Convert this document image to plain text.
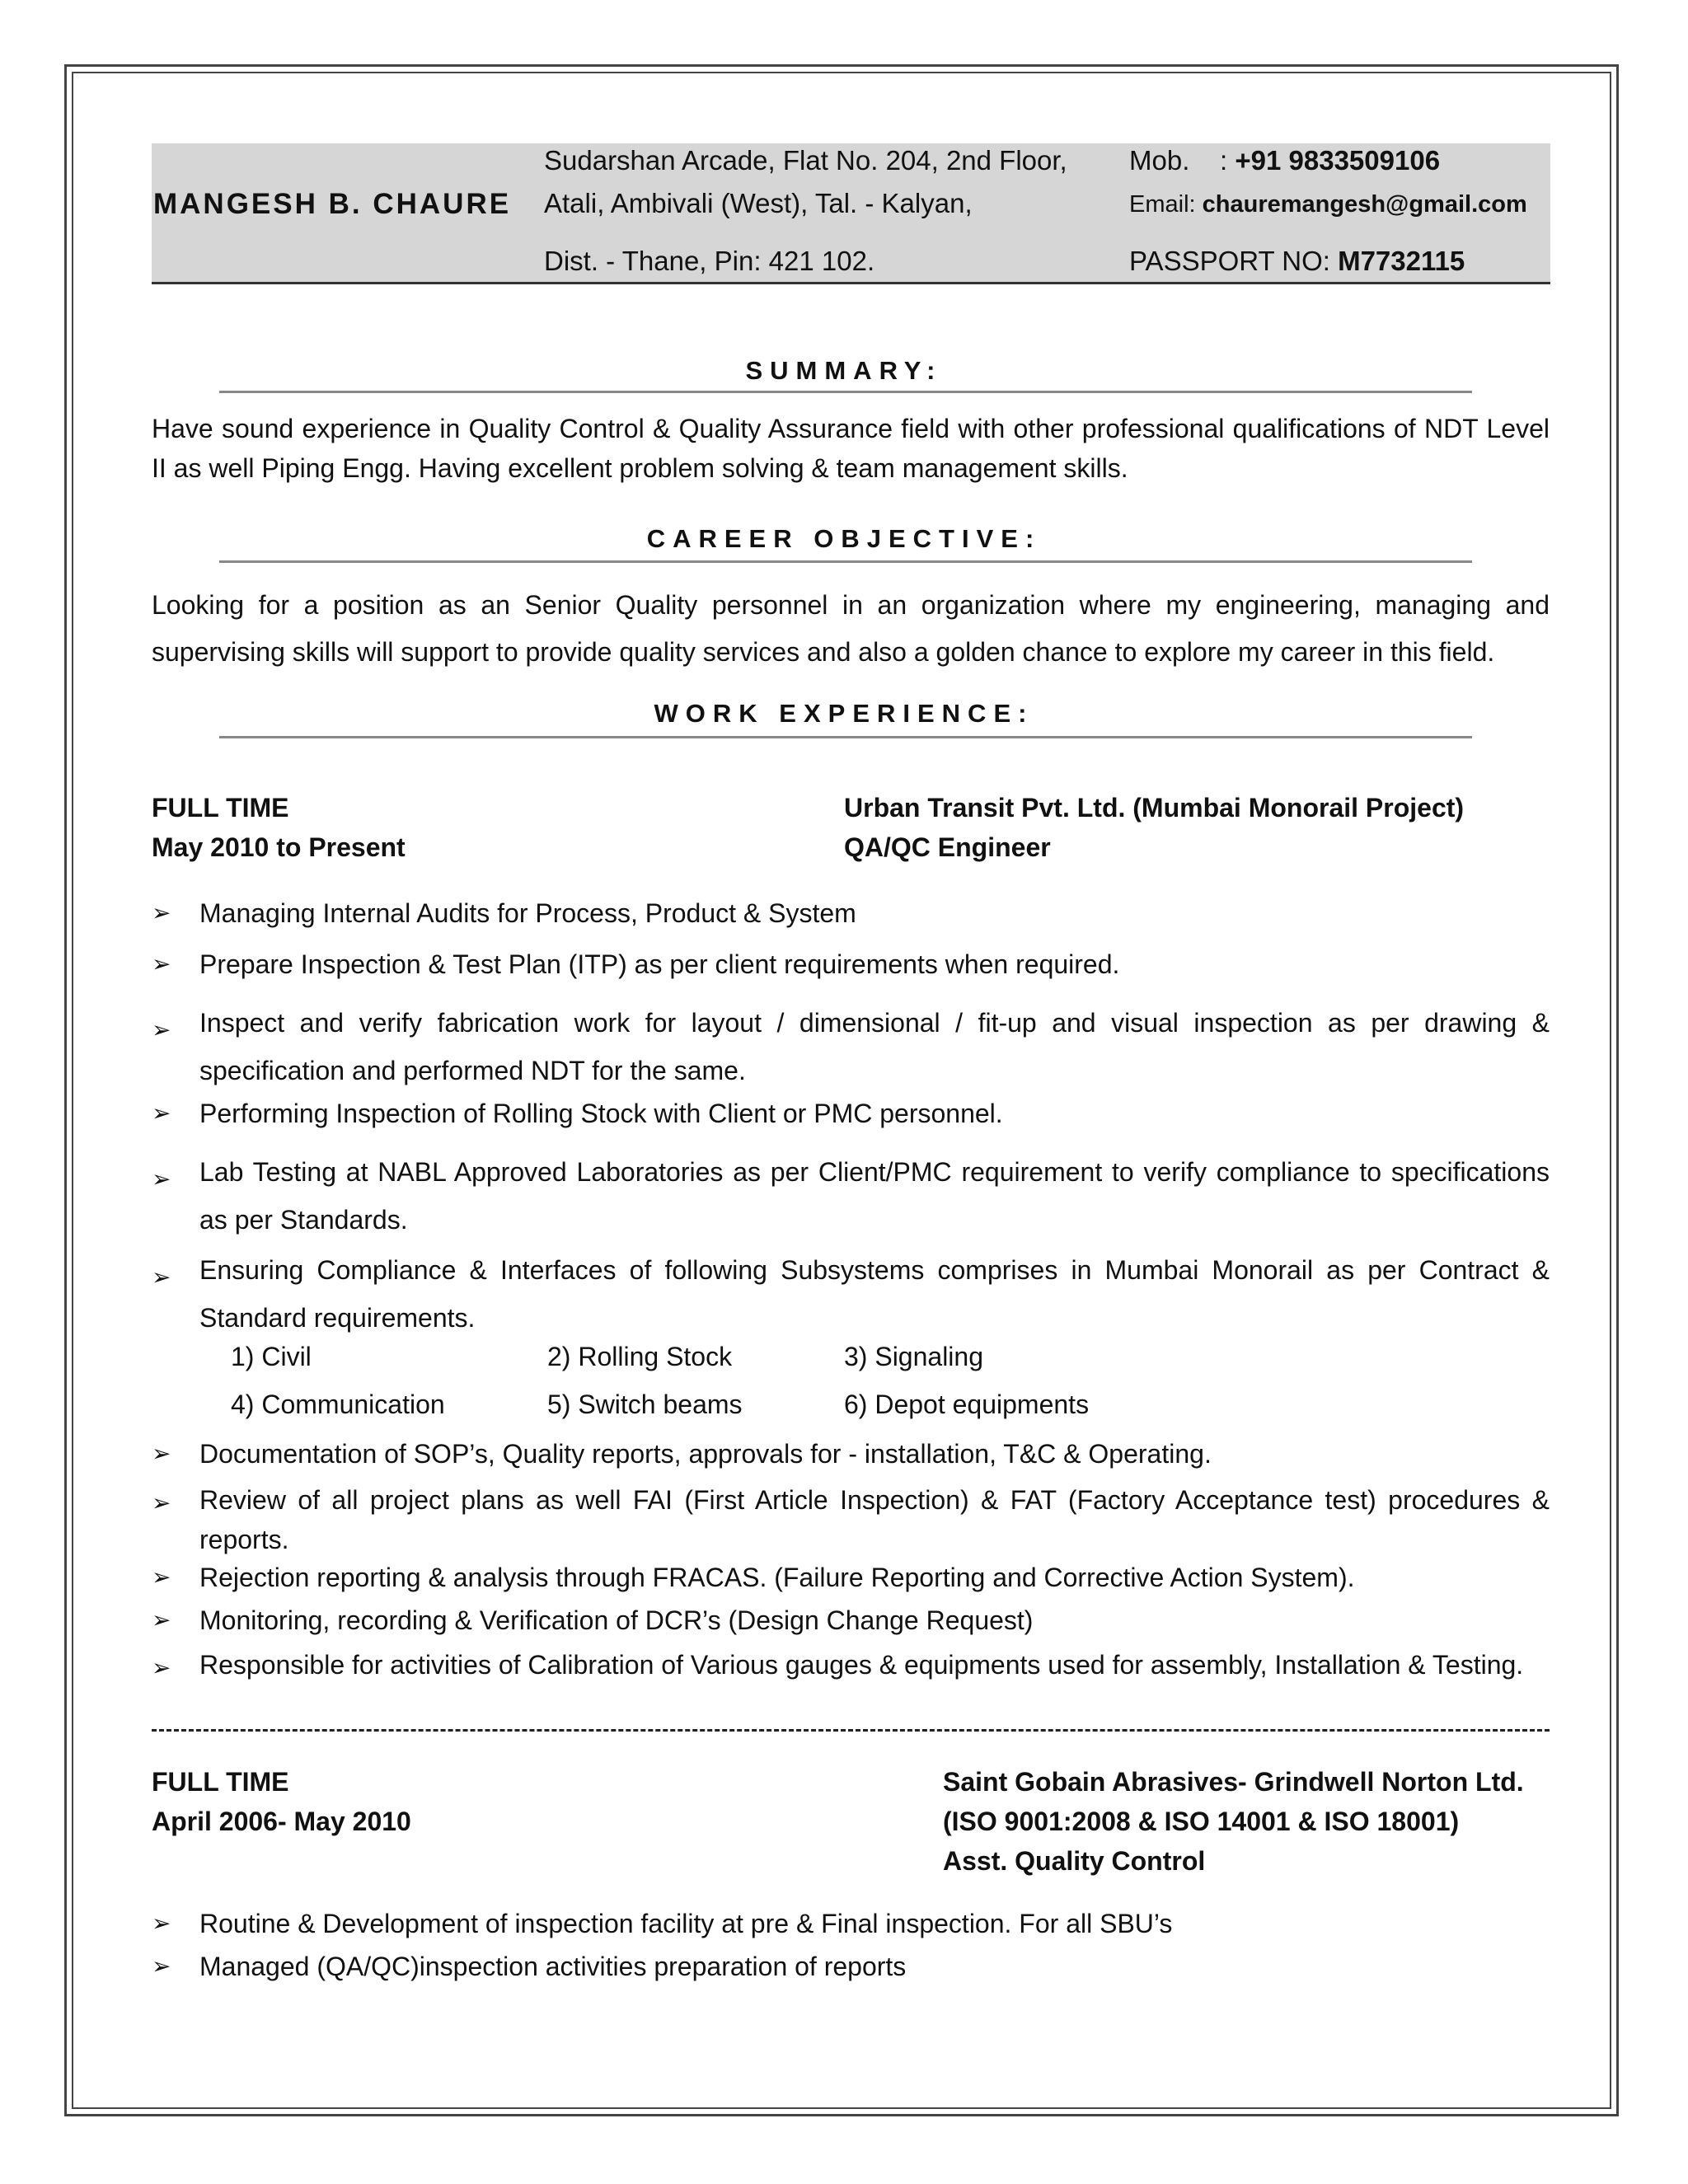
MANGESH B. CHAURE
Sudarshan Arcade, Flat No. 204, 2nd Floor,
Atali, Ambivali (West), Tal. - Kalyan,
Dist. - Thane, Pin: 421 102.
Mob.    : +91 9833509106
Email: chauremangesh@gmail.com
PASSPORT NO: M7732115
SUMMARY:
Have sound experience in Quality Control & Quality Assurance field with other professional qualifications of NDT Level II as well Piping Engg. Having excellent problem solving & team management skills.
CAREER OBJECTIVE:
Looking for a position as an Senior Quality personnel in an organization where my engineering, managing and supervising skills will support to provide quality services and also a golden chance to explore my career in this field.
WORK EXPERIENCE:
FULL TIME
May 2010 to Present
Urban Transit Pvt. Ltd. (Mumbai Monorail Project)
QA/QC Engineer
➢ Managing Internal Audits for Process, Product & System
➢ Prepare Inspection & Test Plan (ITP) as per client requirements when required.
➢ Inspect and verify fabrication work for layout / dimensional / fit-up and visual inspection as per drawing & specification and performed NDT for the same.
➢ Performing Inspection of Rolling Stock with Client or PMC personnel.
➢ Lab Testing at NABL Approved Laboratories as per Client/PMC requirement to verify compliance to specifications as per Standards.
➢ Ensuring Compliance & Interfaces of following Subsystems comprises in Mumbai Monorail as per Contract & Standard requirements.
1) Civil	2) Rolling Stock	3) Signaling
4) Communication	5) Switch beams	6) Depot equipments
➢ Documentation of SOP’s, Quality reports, approvals for - installation, T&C & Operating.
➢ Review of all project plans as well FAI (First Article Inspection) & FAT (Factory Acceptance test) procedures & reports.
➢ Rejection reporting & analysis through FRACAS. (Failure Reporting and Corrective Action System).
➢ Monitoring, recording & Verification of DCR’s (Design Change Request)
➢ Responsible for activities of Calibration of Various gauges & equipments used for assembly, Installation & Testing.
FULL TIME
April 2006- May 2010
Saint Gobain Abrasives- Grindwell Norton Ltd.
(ISO 9001:2008 & ISO 14001 & ISO 18001)
Asst. Quality Control
➢ Routine & Development of inspection facility at pre & Final inspection. For all SBU’s
➢ Managed (QA/QC)inspection activities preparation of reports
